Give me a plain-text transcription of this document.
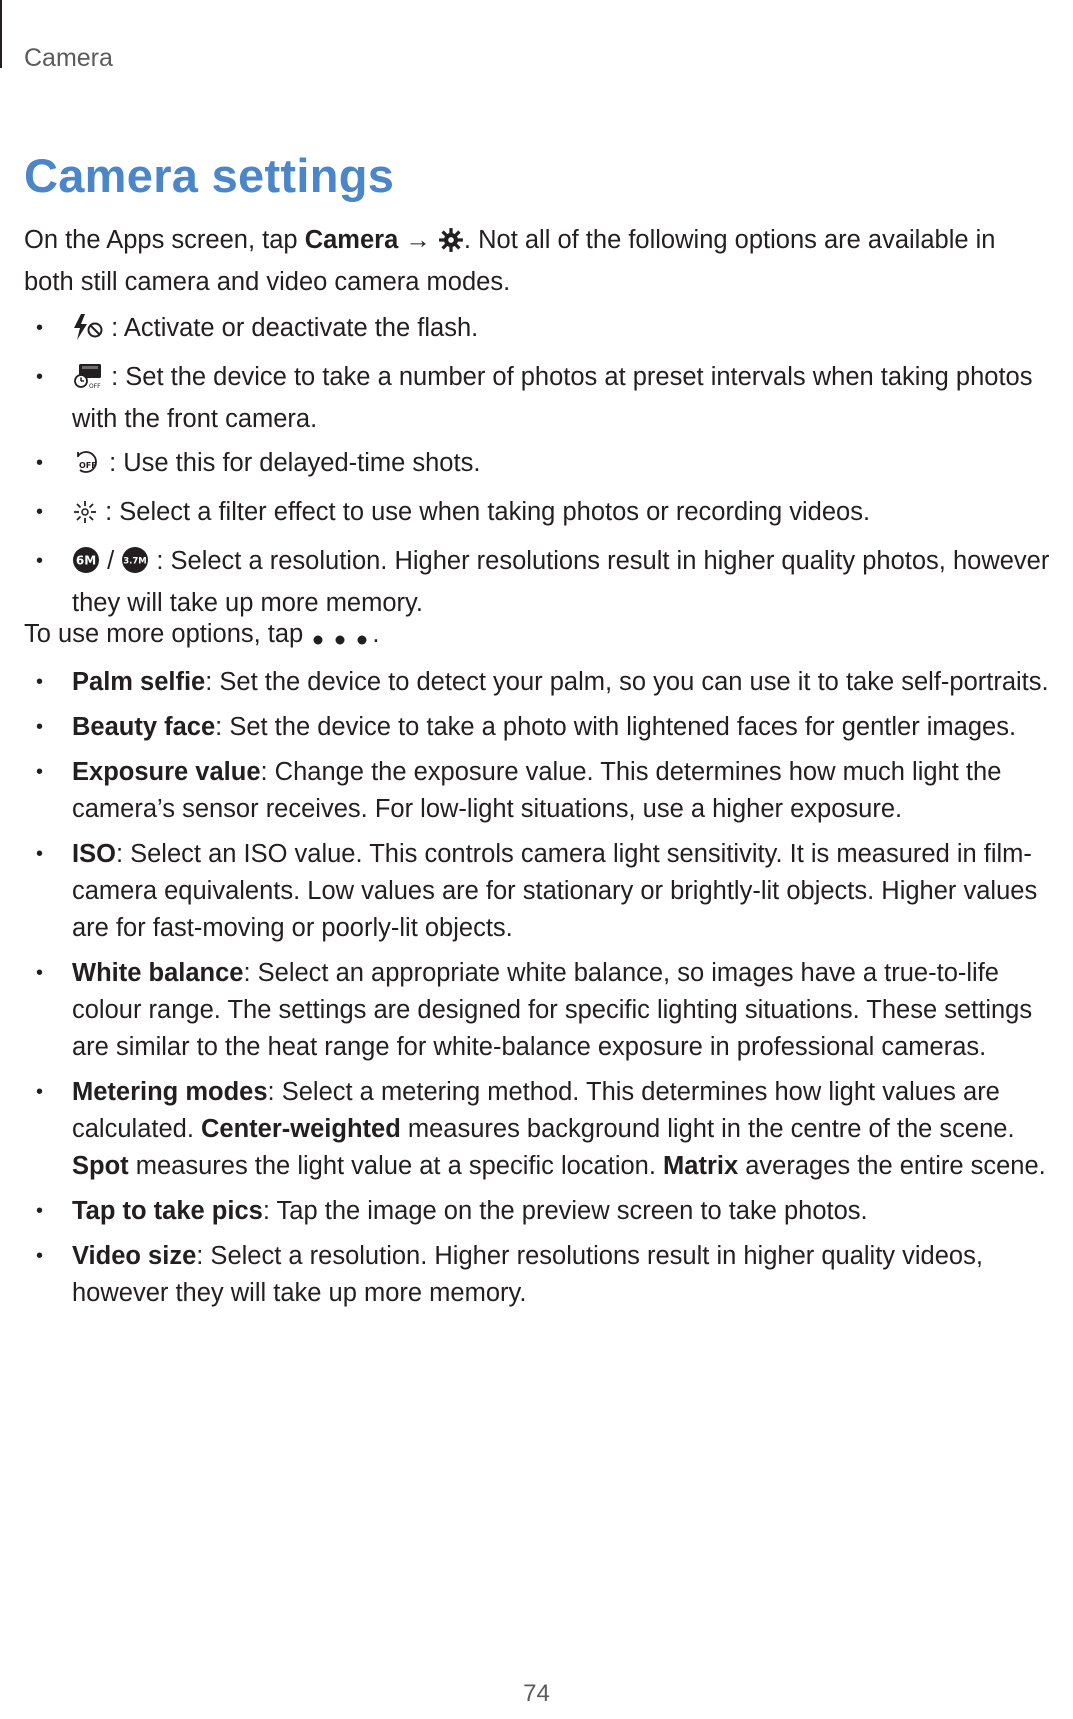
Camera
Camera settings

On the Apps screen, tap Camera → . Not all of the following options are available in both still camera and video camera modes.

• : Activate or deactivate the flash.
•	OFF : Set the device to take a number of photos at preset intervals when taking photos with the front camera.
•	OFF : Use this for delayed-time shots.
• : Select a filter effect to use when taking photos or recording videos.
•	6M / 3.7M : Select a resolution. Higher resolutions result in higher quality photos, however they will take up more memory.

To use more options, tap .

• Palm selfie: Set the device to detect your palm, so you can use it to take self-portraits.
• Beauty face: Set the device to take a photo with lightened faces for gentler images.
• Exposure value: Change the exposure value. This determines how much light the camera’s sensor receives. For low-light situations, use a higher exposure.
• ISO: Select an ISO value. This controls camera light sensitivity. It is measured in film-camera equivalents. Low values are for stationary or brightly-lit objects. Higher values are for fast-moving or poorly-lit objects.
• White balance: Select an appropriate white balance, so images have a true-to-life colour range. The settings are designed for specific lighting situations. These settings are similar to the heat range for white-balance exposure in professional cameras.
• Metering modes: Select a metering method. This determines how light values are calculated. Center-weighted measures background light in the centre of the scene. Spot measures the light value at a specific location. Matrix averages the entire scene.
• Tap to take pics: Tap the image on the preview screen to take photos.
• Video size: Select a resolution. Higher resolutions result in higher quality videos, however they will take up more memory.
74
